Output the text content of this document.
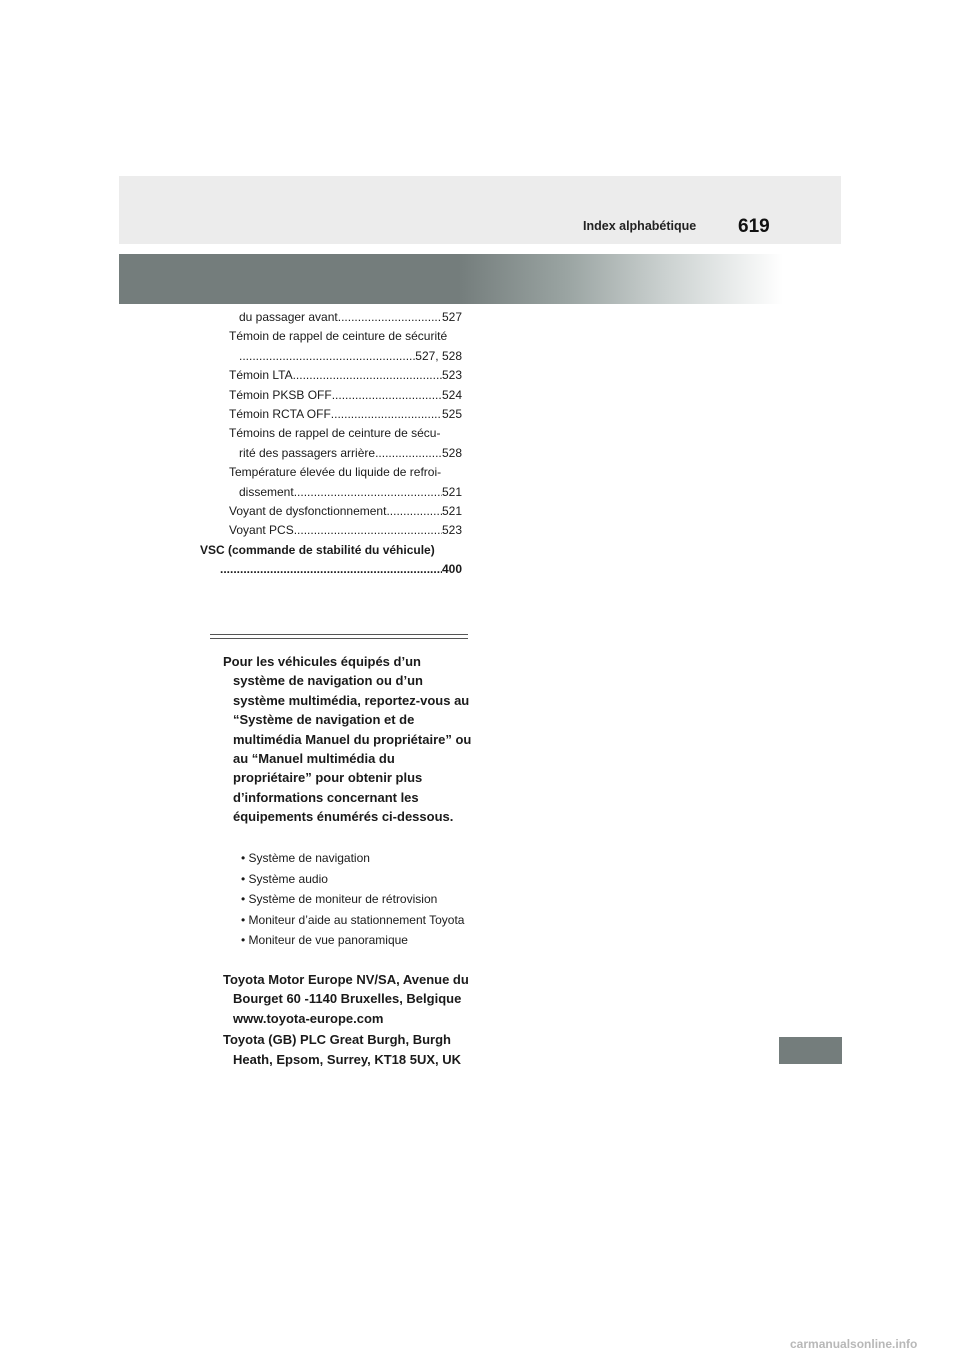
Index alphabétique 619
du passager avant .....	527
Témoin de rappel de ceinture de sécurité
.....
527, 528
Témoin LTA .....	523
Témoin PKSB OFF .....	524
Témoin RCTA OFF .....	525
Témoins de rappel de ceinture de sécu-
rité des passagers arrière .....	528
Température élevée du liquide de refroi-
dissement .....	521
Voyant de dysfonctionnement .....	521
Voyant PCS .....	523
VSC (commande de stabilité du véhicule)
.....
400

Pour les véhicules équipés d’un système de navigation ou d’un système multimédia, reportez-vous au “Système de navigation et de multimédia Manuel du propriétaire” ou au “Manuel multimédia du propriétaire” pour obtenir plus d’informations concernant les équipements énumérés ci-dessous.

• Système de navigation
• Système audio
• Système de moniteur de rétrovision
• Moniteur d’aide au stationnement Toyota
• Moniteur de vue panoramique

Toyota Motor Europe NV/SA, Avenue du Bourget 60 -1140 Bruxelles, Belgique www.toyota-europe.com

Toyota (GB) PLC Great Burgh, Burgh Heath, Epsom, Surrey, KT18 5UX, UK

carmanualsonline.info
